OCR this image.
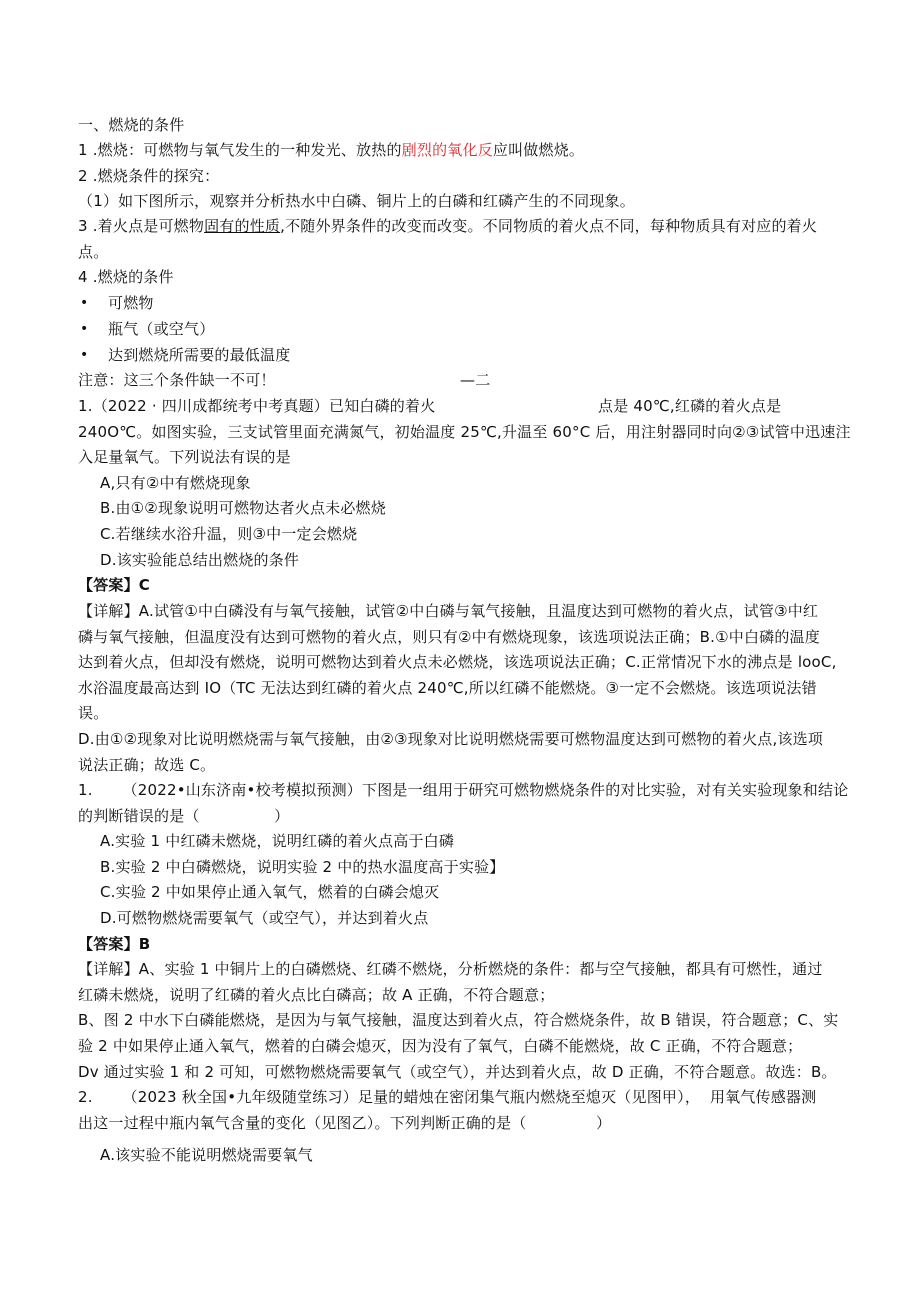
一、燃烧的条件
1 .燃烧：可燃物与氧气发生的一种发光、放热的剧烈的氧化反应叫做燃烧。
2 .燃烧条件的探究：
（1）如下图所示，观察并分析热水中白磷、铜片上的白磷和红磷产生的不同现象。
3 .着火点是可燃物固有的性质,不随外界条件的改变而改变。不同物质的着火点不同，每种物质具有对应的着火
点。
4 .燃烧的条件
• 可燃物
• 瓶气（或空气）
• 达到燃烧所需要的最低温度
注意：这三个条件缺一不可！	—二
1.（2022 · 四川成都统考中考真题）已知白磷的着火	点是 40℃,红磷的着火点是
240O℃。如图实验，三支试管里面充满氮气，初始温度 25℃,升温至 60°C 后，用注射器同时向②③试管中迅速注
入足量氧气。下列说法有误的是
A,只有②中有燃烧现象
B.由①②现象说明可燃物达者火点未必燃烧
C.若继续水浴升温，则③中一定会燃烧
D.该实验能总结出燃烧的条件
【答案】C
【详解】A.试管①中白磷没有与氧气接触，试管②中白磷与氧气接触，且温度达到可燃物的着火点，试管③中红
磷与氧气接触，但温度没有达到可燃物的着火点，则只有②中有燃烧现象，该选项说法正确；B.①中白磷的温度
达到着火点，但却没有燃烧，说明可燃物达到着火点未必燃烧，该选项说法正确；C.正常情况下水的沸点是 looC,
水浴温度最高达到 IO（TC 无法达到红磷的着火点 240℃,所以红磷不能燃烧。③一定不会燃烧。该选项说法错
误。
D.由①②现象对比说明燃烧需与氧气接触，由②③现象对比说明燃烧需要可燃物温度达到可燃物的着火点,该选项
说法正确；故选 C。
1.      （2022•山东济南•校考模拟预测）下图是一组用于研究可燃物燃烧条件的对比实验，对有关实验现象和结论
的判断错误的是（               ）
A.实验 1 中红磷未燃烧，说明红磷的着火点高于白磷
B.实验 2 中白磷燃烧，说明实验 2 中的热水温度高于实验】
C.实验 2 中如果停止通入氧气，燃着的白磷会熄灭
D.可燃物燃烧需要氧气（或空气），并达到着火点
【答案】B
【详解】A、实验 1 中铜片上的白磷燃烧、红磷不燃烧，分析燃烧的条件：都与空气接触，都具有可燃性，通过
红磷未燃烧，说明了红磷的着火点比白磷高；故 A 正确，不符合题意；
B、图 2 中水下白磷能燃烧，是因为与氧气接触，温度达到着火点，符合燃烧条件，故 B 错误，符合题意；C、实
验 2 中如果停止通入氧气，燃着的白磷会熄灭，因为没有了氧气，白磷不能燃烧，故 C 正确，不符合题意；
Dv 通过实验 1 和 2 可知，可燃物燃烧需要氧气（或空气），并达到着火点，故 D 正确，不符合题意。故选：B。
2.      （2023 秋全国•九年级随堂练习）足量的蜡烛在密闭集气瓶内燃烧至熄灭（见图甲），  用氧气传感器测
出这一过程中瓶内氧气含量的变化（见图乙）。下列判断正确的是（              ）
A.该实验不能说明燃烧需要氧气
